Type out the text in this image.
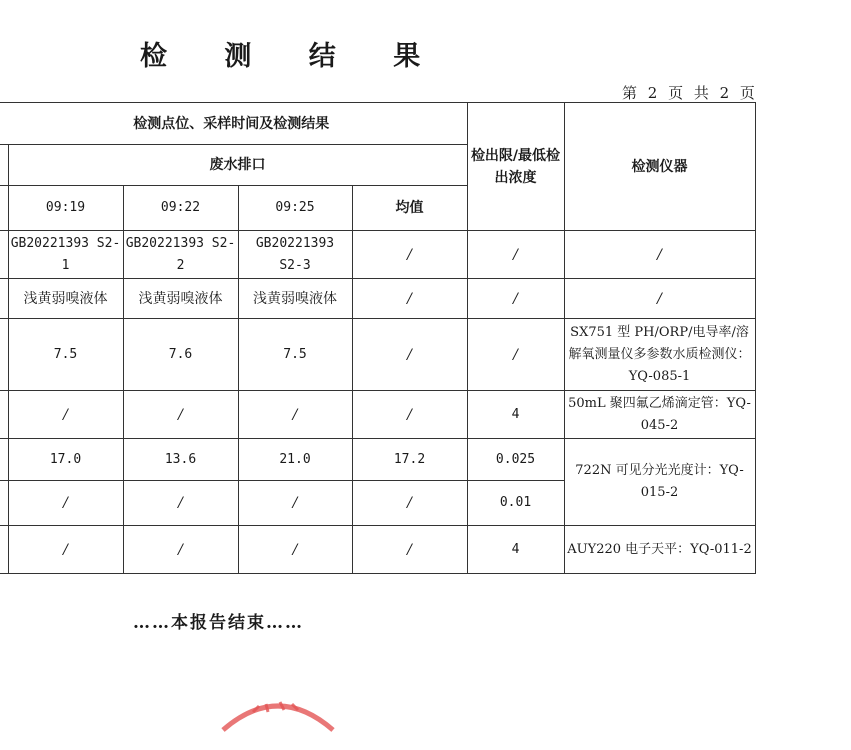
检 测 结 果
第 2 页 共 2 页
检测点位、采样时间及检测结果					检出限/最低检出浓度	检测仪器
	废水排口					
	09:19	09:22	09:25	均值		
	GB20221393 S2-1	GB20221393 S2-2	GB20221393 S2-3	/	/	/
	浅黄弱嗅液体	浅黄弱嗅液体	浅黄弱嗅液体	/	/	/
	7.5	7.6	7.5	/	/	SX751 型 PH/ORP/电导率/溶解氧测量仪多参数水质检测仪：YQ-085-1
	/	/	/	/	4	50mL 聚四氟乙烯滴定管：YQ-045-2
	17.0	13.6	21.0	17.2	0.025	722N 可见分光光度计：YQ-015-2
	/	/	/	/	0.01	
	/	/	/	/	4	AUY220 电子天平：YQ-011-2
……本报告结束……
